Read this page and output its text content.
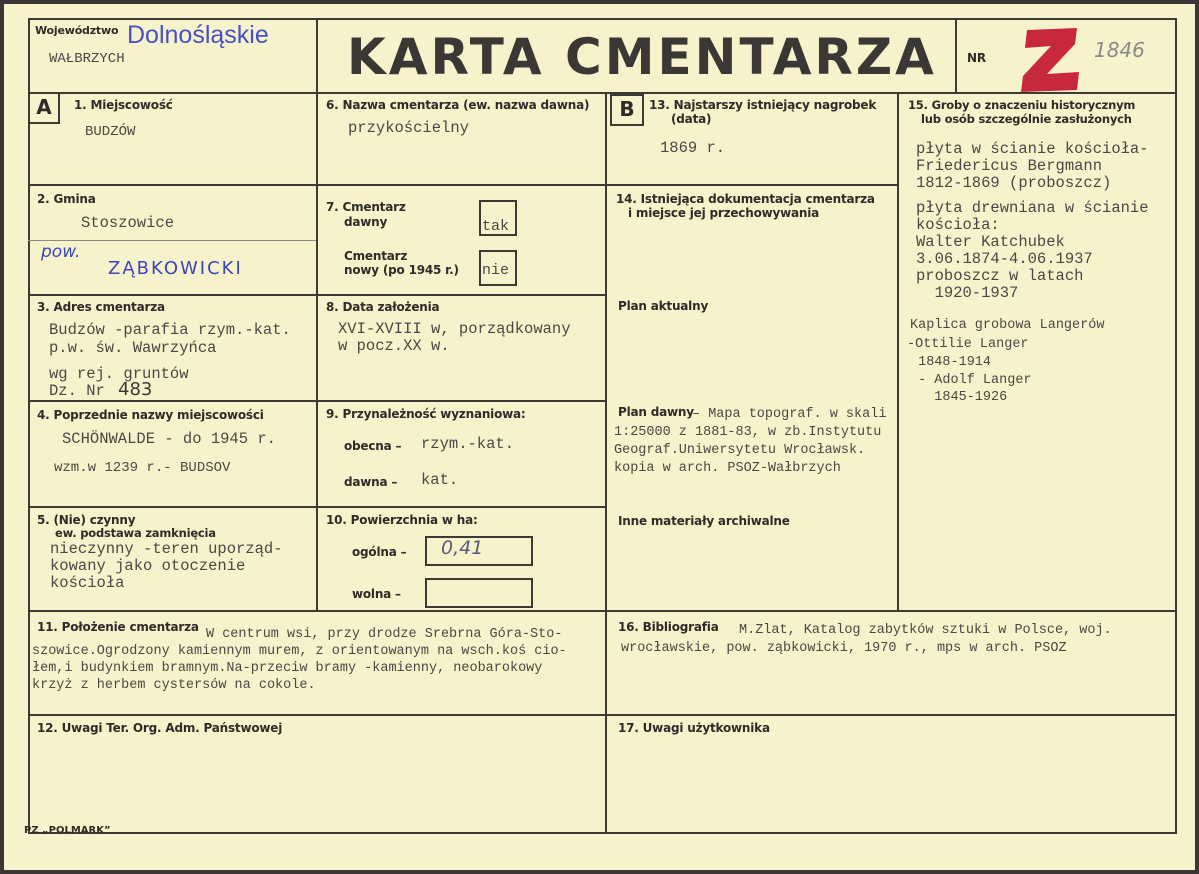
Województwo Dolnośląskie
WAŁBRZYCH	KARTA CMENTARZA	NR	1846
A	1. Miejscowość
BUDZÓW
2. Gmina
Stoszowice
pow.
ZĄBKOWICKI
3. Adres cmentarza
Budzów -parafia rzym.-kat.
p.w. św. Wawrzyńca
wg rej. gruntów
Dz. Nr 483
4. Poprzednie nazwy miejscowości
SCHÖNWALDE - do 1945 r.
wzm.w 1239 r.- BUDSOV
5. (Nie) czynny
ew. podstawa zamknięcia
nieczynny -teren uporząd-
kowany jako otoczenie
kościoła
6. Nazwa cmentarza (ew. nazwa dawna)
przykościelny
7. Cmentarz
dawny	tak
Cmentarz
nowy (po 1945 r.) nie
8. Data założenia
XVI-XVIII w, porządkowany
w pocz.XX w.
9. Przynależność wyznaniowa:
obecna – rzym.-kat.
dawna – kat.
10. Powierzchnia w ha:
ogólna – 0,41
wolna –
B	13. Najstarszy istniejący nagrobek
(data)
1869 r.
14. Istniejąca dokumentacja cmentarza
i miejsce jej przechowywania
Plan aktualny
Plan dawny
– Mapa topograf. w skali
1:25000 z 1881-83, w zb.Instytutu
Geograf.Uniwersytetu Wrocławsk.
kopia w arch. PSOZ-Wałbrzych
Inne materiały archiwalne
15. Groby o znaczeniu historycznym
lub osób szczególnie zasłużonych
płyta w ścianie kościoła-
Friedericus Bergmann
1812-1869 (proboszcz)
płyta drewniana w ścianie
kościoła:
Walter Katchubek
3.06.1874-4.06.1937
proboszcz w latach
1920-1937
Kaplica grobowa Langerów
-Ottilie Langer
1848-1914
- Adolf Langer
1845-1926
11. Położenie cmentarza W centrum wsi, przy drodze Srebrna Góra-Sto-
szowice.Ogrodzony kamiennym murem, z orientowanym na wsch.koś cio-
łem,i budynkiem bramnym.Na-przeciw bramy -kamienny, neobarokowy
krzyż z herbem cystersów na cokole.
16. Bibliografia M.Zlat, Katalog zabytków sztuki w Polsce, woj.
wrocławskie, pow. ząbkowicki, 1970 r., mps w arch. PSOZ
12. Uwagi Ter. Org. Adm. Państwowej	17. Uwagi użytkownika
PZ „POLMARK”
